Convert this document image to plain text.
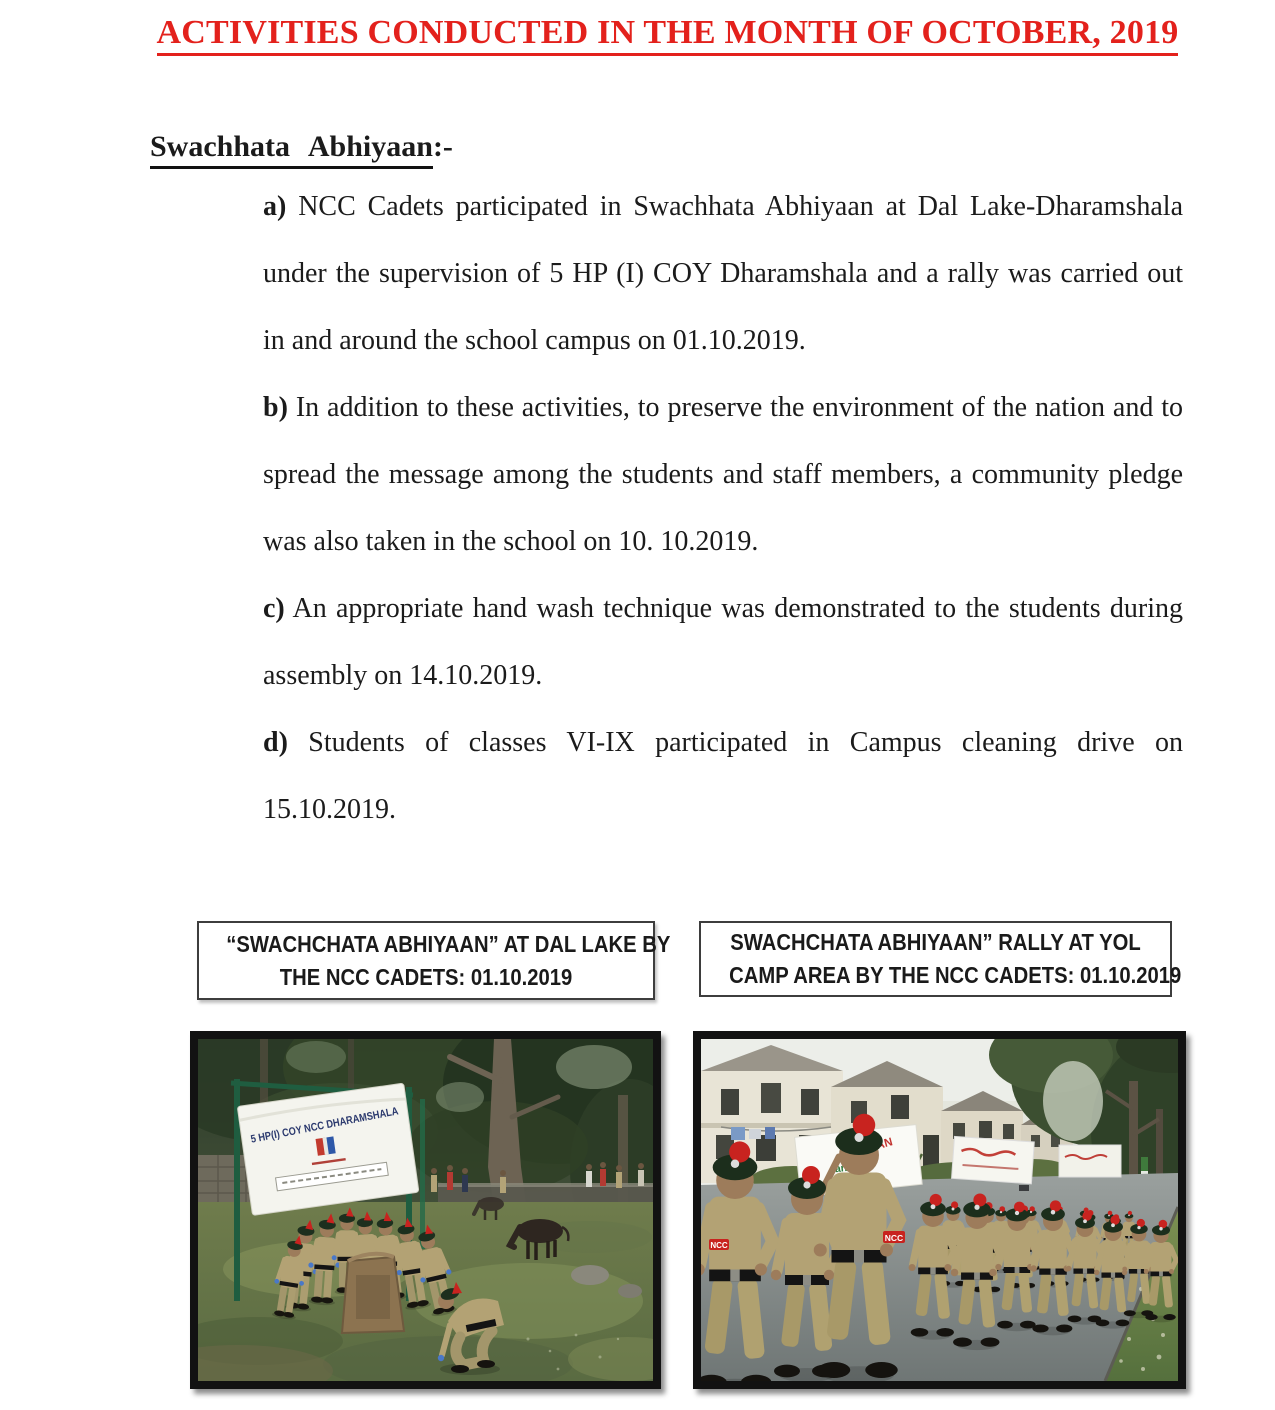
ACTIVITIES CONDUCTED IN THE MONTH OF OCTOBER, 2019
Swachhata Abhiyaan:-

a) NCC Cadets participated in Swachhata Abhiyaan at Dal Lake-Dharamshala under the supervision of 5 HP (I) COY Dharamshala and a rally was carried out in and around the school campus on 01.10.2019.

b) In addition to these activities, to preserve the environment of the nation and to spread the message among the students and staff members, a community pledge was also taken in the school on 10. 10.2019.

c) An appropriate hand wash technique was demonstrated to the students during assembly on 14.10.2019.

d) Students of classes VI-IX participated in Campus cleaning drive on 15.10.2019.

“SWACHCHATA ABHIYAAN” AT DAL LAKE BY
THE NCC CADETS: 01.10.2019
SWACHCHATA ABHIYAAN” RALLY AT YOL
CAMP AREA BY THE NCC CADETS: 01.10.2019
5 HP(I) COY NCC DHARAMSHALA
NCC
NCC
